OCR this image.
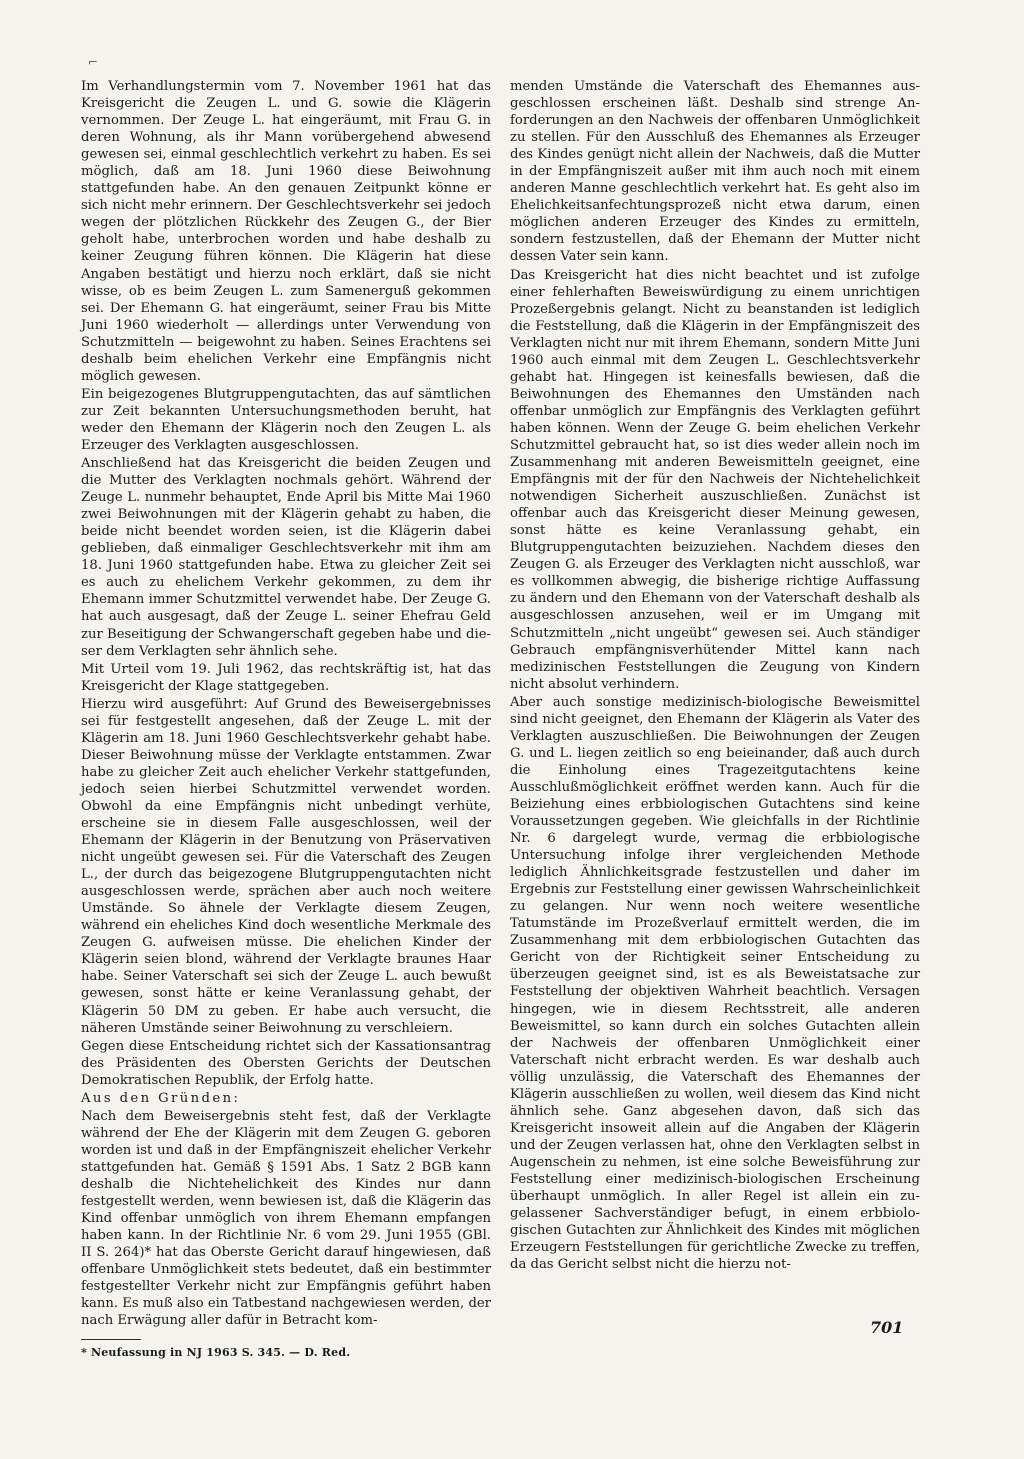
⌐

Im Verhandlungstermin vom 7. November 1961 hat das Kreisgericht die Zeugen L. und G. sowie die Klägerin vernommen. Der Zeuge L. hat eingeräumt, mit Frau G. in deren Wohnung, als ihr Mann vorübergehend abwesend gewesen sei, einmal geschlechtlich verkehrt zu haben. Es sei möglich, daß am 18. Juni 1960 diese Beiwohnung stattgefunden habe. An den genauen Zeitpunkt könne er sich nicht mehr erinnern. Der Geschlechtsverkehr sei jedoch wegen der plötzlichen Rückkehr des Zeugen G., der Bier geholt habe, unterbrochen worden und habe deshalb zu keiner Zeugung führen können. Die Klägerin hat diese Angaben bestätigt und hierzu noch erklärt, daß sie nicht wisse, ob es beim Zeugen L. zum Samenerguß gekommen sei. Der Ehemann G. hat eingeräumt, seiner Frau bis Mitte Juni 1960 wiederholt — allerdings unter Verwendung von Schutzmitteln — beigewohnt zu haben. Seines Erachtens sei deshalb beim ehelichen Verkehr eine Empfängnis nicht möglich gewesen.

Ein beigezogenes Blutgruppengutachten, das auf sämtlichen zur Zeit bekannten Untersuchungsmethoden beruht, hat weder den Ehemann der Klägerin noch den Zeugen L. als Erzeuger des Verklagten ausgeschlossen.

Anschließend hat das Kreisgericht die beiden Zeugen und die Mutter des Verklagten nochmals gehört. Während der Zeuge L. nunmehr behauptet, Ende April bis Mitte Mai 1960 zwei Beiwohnungen mit der Klägerin gehabt zu haben, die beide nicht beendet worden seien, ist die Klägerin dabei geblieben, daß einmaliger Geschlechtsverkehr mit ihm am 18. Juni 1960 stattgefunden habe. Etwa zu gleicher Zeit sei es auch zu ehelichem Verkehr gekommen, zu dem ihr Ehemann immer Schutzmittel verwendet habe. Der Zeuge G. hat auch ausgesagt, daß der Zeuge L. seiner Ehefrau Geld zur Beseitigung der Schwangerschaft gegeben habe und dieser dem Verklagten sehr ähnlich sehe.

Mit Urteil vom 19. Juli 1962, das rechtskräftig ist, hat das Kreisgericht der Klage stattgegeben.

Hierzu wird ausgeführt: Auf Grund des Beweisergebnisses sei für festgestellt angesehen, daß der Zeuge L. mit der Klägerin am 18. Juni 1960 Geschlechtsverkehr gehabt habe. Dieser Beiwohnung müsse der Verklagte entstammen. Zwar habe zu gleicher Zeit auch ehelicher Verkehr stattgefunden, jedoch seien hierbei Schutzmittel verwendet worden. Obwohl da eine Empfängnis nicht unbedingt verhüte, erscheine sie in diesem Falle ausgeschlossen, weil der Ehemann der Klägerin in der Benutzung von Präservativen nicht ungeübt gewesen sei. Für die Vaterschaft des Zeugen L., der durch das beigezogene Blutgruppengutachten nicht ausgeschlossen werde, sprächen aber auch noch weitere Umstände. So ähnele der Verklagte diesem Zeugen, während ein eheliches Kind doch wesentliche Merkmale des Zeugen G. aufweisen müsse. Die ehelichen Kinder der Klägerin seien blond, während der Verklagte braunes Haar habe. Seiner Vaterschaft sei sich der Zeuge L. auch bewußt gewesen, sonst hätte er keine Veranlassung gehabt, der Klägerin 50 DM zu geben. Er habe auch versucht, die näheren Umstände seiner Beiwohnung zu verschleiern.

Gegen diese Entscheidung richtet sich der Kassationsantrag des Präsidenten des Obersten Gerichts der Deutschen Demokratischen Republik, der Erfolg hatte.

Aus den Gründen:

Nach dem Beweisergebnis steht fest, daß der Verklagte während der Ehe der Klägerin mit dem Zeugen G. geboren worden ist und daß in der Empfängniszeit ehelicher Verkehr stattgefunden hat. Gemäß § 1591 Abs. 1 Satz 2 BGB kann deshalb die Nichtehelichkeit des Kindes nur dann festgestellt werden, wenn bewiesen ist, daß die Klägerin das Kind offenbar unmöglich von ihrem Ehemann empfangen haben kann. In der Richtlinie Nr. 6 vom 29. Juni 1955 (GBl. II S. 264)* hat das Oberste Gericht darauf hingewiesen, daß offenbare Unmöglichkeit stets bedeutet, daß ein bestimmter festgestellter Verkehr nicht zur Empfängnis geführt haben kann. Es muß also ein Tatbestand nachgewiesen werden, der nach Erwägung aller dafür in Betracht kom-

* Neufassung in NJ 1963 S. 345. — D. Red.

menden Umstände die Vaterschaft des Ehemannes ausgeschlossen erscheinen läßt. Deshalb sind strenge Anforderungen an den Nachweis der offenbaren Unmöglichkeit zu stellen. Für den Ausschluß des Ehemannes als Erzeuger des Kindes genügt nicht allein der Nachweis, daß die Mutter in der Empfängniszeit außer mit ihm auch noch mit einem anderen Manne geschlechtlich verkehrt hat. Es geht also im Ehelichkeitsanfechtungsprozeß nicht etwa darum, einen möglichen anderen Erzeuger des Kindes zu ermitteln, sondern festzustellen, daß der Ehemann der Mutter nicht dessen Vater sein kann.

Das Kreisgericht hat dies nicht beachtet und ist zufolge einer fehlerhaften Beweiswürdigung zu einem unrichtigen Prozeßergebnis gelangt. Nicht zu beanstanden ist lediglich die Feststellung, daß die Klägerin in der Empfängniszeit des Verklagten nicht nur mit ihrem Ehemann, sondern Mitte Juni 1960 auch einmal mit dem Zeugen L. Geschlechtsverkehr gehabt hat. Hingegen ist keinesfalls bewiesen, daß die Beiwohnungen des Ehemannes den Umständen nach offenbar unmöglich zur Empfängnis des Verklagten geführt haben können. Wenn der Zeuge G. beim ehelichen Verkehr Schutzmittel gebraucht hat, so ist dies weder allein noch im Zusammenhang mit anderen Beweismitteln geeignet, eine Empfängnis mit der für den Nachweis der Nichtehelichkeit notwendigen Sicherheit auszuschließen. Zunächst ist offenbar auch das Kreisgericht dieser Meinung gewesen, sonst hätte es keine Veranlassung gehabt, ein Blutgruppengutachten beizuziehen. Nachdem dieses den Zeugen G. als Erzeuger des Verklagten nicht ausschloß, war es vollkommen abwegig, die bisherige richtige Auffassung zu ändern und den Ehemann von der Vaterschaft deshalb als ausgeschlossen anzusehen, weil er im Umgang mit Schutzmitteln „nicht ungeübt“ gewesen sei. Auch ständiger Gebrauch empfängnisverhütender Mittel kann nach medizinischen Feststellungen die Zeugung von Kindern nicht absolut verhindern.

Aber auch sonstige medizinisch-biologische Beweismittel sind nicht geeignet, den Ehemann der Klägerin als Vater des Verklagten auszuschließen. Die Beiwohnungen der Zeugen G. und L. liegen zeitlich so eng beieinander, daß auch durch die Einholung eines Tragezeitgutachtens keine Ausschlußmöglichkeit eröffnet werden kann. Auch für die Beiziehung eines erbbiologischen Gutachtens sind keine Voraussetzungen gegeben. Wie gleichfalls in der Richtlinie Nr. 6 dargelegt wurde, vermag die erbbiologische Untersuchung infolge ihrer vergleichenden Methode lediglich Ähnlichkeitsgrade festzustellen und daher im Ergebnis zur Feststellung einer gewissen Wahrscheinlichkeit zu gelangen. Nur wenn noch weitere wesentliche Tatumstände im Prozeßverlauf ermittelt werden, die im Zusammenhang mit dem erbbiologischen Gutachten das Gericht von der Richtigkeit seiner Entscheidung zu überzeugen geeignet sind, ist es als Beweistatsache zur Feststellung der objektiven Wahrheit beachtlich. Versagen hingegen, wie in diesem Rechtsstreit, alle anderen Beweismittel, so kann durch ein solches Gutachten allein der Nachweis der offenbaren Unmöglichkeit einer Vaterschaft nicht erbracht werden. Es war deshalb auch völlig unzulässig, die Vaterschaft des Ehemannes der Klägerin ausschließen zu wollen, weil diesem das Kind nicht ähnlich sehe. Ganz abgesehen davon, daß sich das Kreisgericht insoweit allein auf die Angaben der Klägerin und der Zeugen verlassen hat, ohne den Verklagten selbst in Augenschein zu nehmen, ist eine solche Beweisführung zur Feststellung einer medizinisch-biologischen Erscheinung überhaupt unmöglich. In aller Regel ist allein ein zugelassener Sachverständiger befugt, in einem erbbiologischen Gutachten zur Ähnlichkeit des Kindes mit möglichen Erzeugern Feststellungen für gerichtliche Zwecke zu treffen, da das Gericht selbst nicht die hierzu not-

701
